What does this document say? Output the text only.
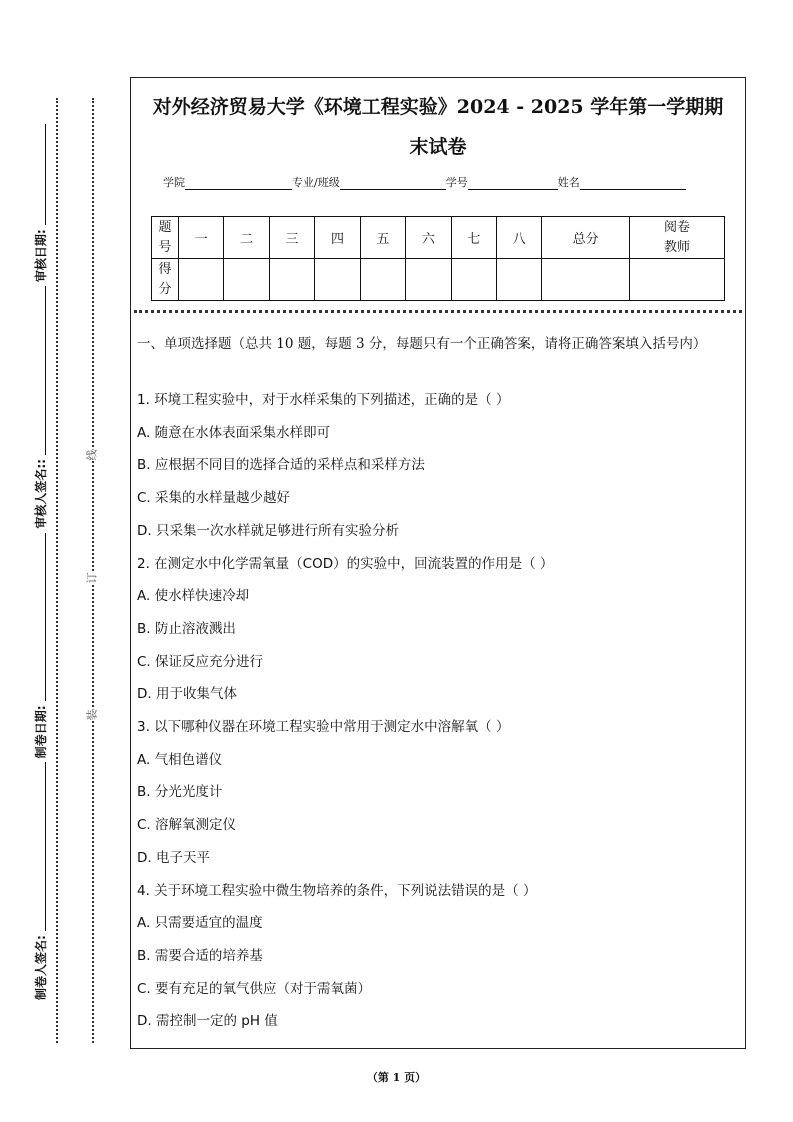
制卷人签名:
制卷日期:
审核人签名::
审核日期:
装
订
线
对外经济贸易大学《环境工程实验》2024 - 2025 学年第一学期期
末试卷
学院	专业/班级	学号	姓名
题号	一	二	三	四	五	六	七	八	总分	阅卷教师
得分										
一、单项选择题（总共 10 题，每题 3 分，每题只有一个正确答案，请将正确答案填入括号内）
1. 环境工程实验中，对于水样采集的下列描述，正确的是（ ）
A. 随意在水体表面采集水样即可
B. 应根据不同目的选择合适的采样点和采样方法
C. 采集的水样量越少越好
D. 只采集一次水样就足够进行所有实验分析
2. 在测定水中化学需氧量（COD）的实验中，回流装置的作用是（ ）
A. 使水样快速冷却
B. 防止溶液溅出
C. 保证反应充分进行
D. 用于收集气体
3. 以下哪种仪器在环境工程实验中常用于测定水中溶解氧（ ）
A. 气相色谱仪
B. 分光光度计
C. 溶解氧测定仪
D. 电子天平
4. 关于环境工程实验中微生物培养的条件，下列说法错误的是（ ）
A. 只需要适宜的温度
B. 需要合适的培养基
C. 要有充足的氧气供应（对于需氧菌）
D. 需控制一定的 pH 值
（第 1 页）
